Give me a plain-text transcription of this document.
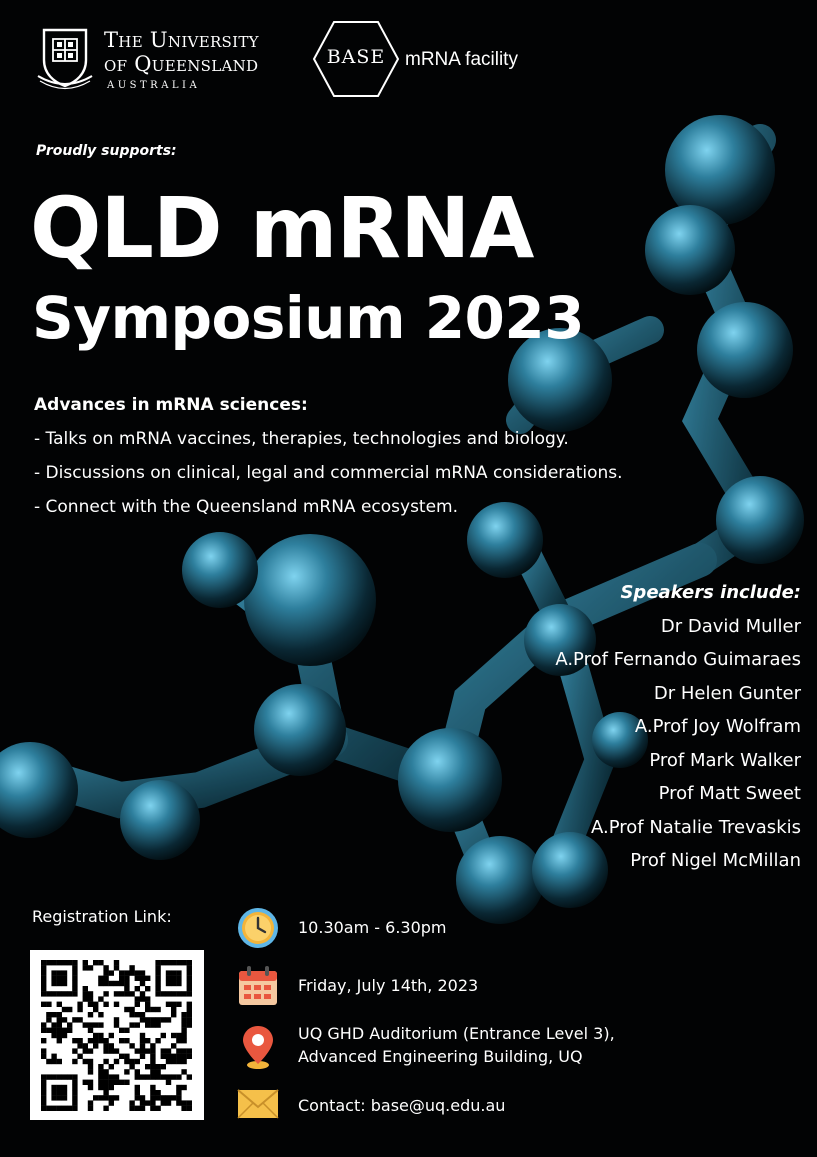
The University
of Queensland
AUSTRALIA
BASE	mRNA facility
Proudly supports:
QLD mRNA
Symposium 2023
Advances in mRNA sciences:
- Talks on mRNA vaccines, therapies, technologies and biology.
- Discussions on clinical, legal and commercial mRNA considerations.
- Connect with the Queensland mRNA ecosystem.
Speakers include:
Dr David Muller
A.Prof Fernando Guimaraes
Dr Helen Gunter
A.Prof Joy Wolfram
Prof Mark Walker
Prof Matt Sweet
A.Prof Natalie Trevaskis
Prof Nigel McMillan
Registration Link:
10.30am - 6.30pm
Friday, July 14th, 2023
UQ GHD Auditorium (Entrance Level 3),
Advanced Engineering Building, UQ
Contact: base@uq.edu.au
